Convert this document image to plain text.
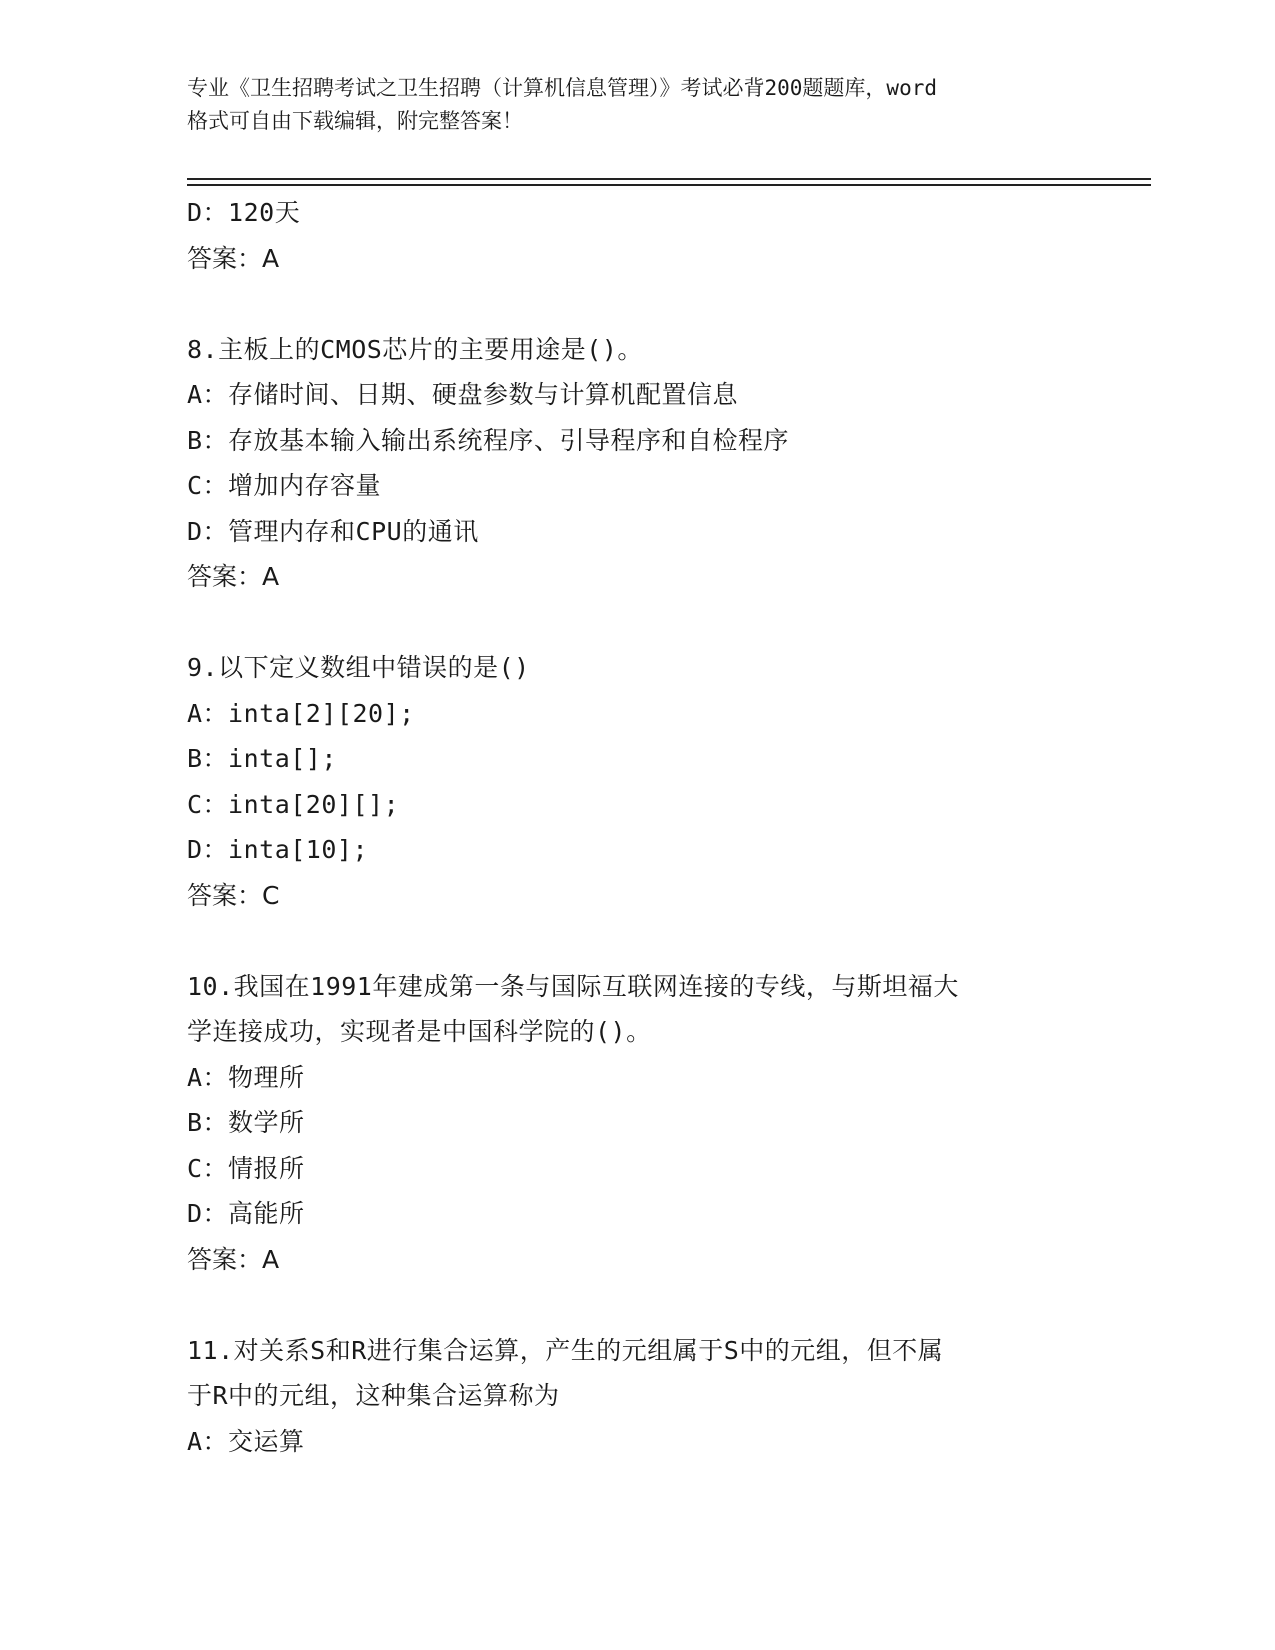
专业《卫生招聘考试之卫生招聘（计算机信息管理）》考试必背200题题库，word
格式可自由下载编辑，附完整答案！
D：120天
答案：A
8.主板上的CMOS芯片的主要用途是()。
A：存储时间、日期、硬盘参数与计算机配置信息
B：存放基本输入输出系统程序、引导程序和自检程序
C：增加内存容量
D：管理内存和CPU的通讯
答案：A
9.以下定义数组中错误的是()
A：inta[2][20];
B：inta[];
C：inta[20][];
D：inta[10];
答案：C
10.我国在1991年建成第一条与国际互联网连接的专线，与斯坦福大
学连接成功，实现者是中国科学院的()。
A：物理所
B：数学所
C：情报所
D：高能所
答案：A
11.对关系S和R进行集合运算，产生的元组属于S中的元组，但不属
于R中的元组，这种集合运算称为
A：交运算
